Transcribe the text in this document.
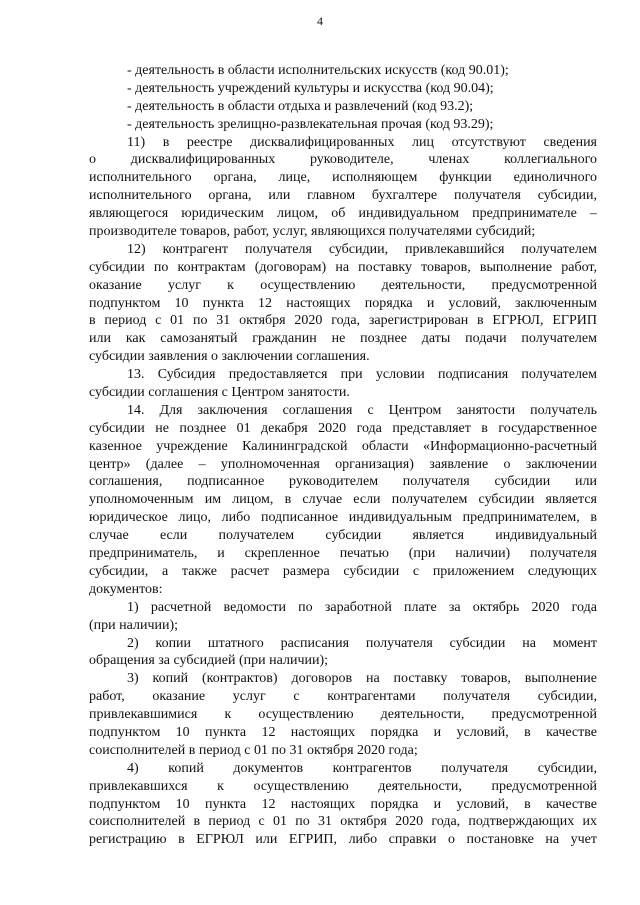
4
- деятельность в области исполнительских искусств (код 90.01);
- деятельность учреждений культуры и искусства (код 90.04);
- деятельность в области отдыха и развлечений (код 93.2);
- деятельность зрелищно-развлекательная прочая (код 93.29);
11) в реестре дисквалифицированных лиц отсутствуют сведения
о дисквалифицированных руководителе, членах коллегиального
исполнительного органа, лице, исполняющем функции единоличного
исполнительного органа, или главном бухгалтере получателя субсидии,
являющегося юридическим лицом, об индивидуальном предпринимателе –
производителе товаров, работ, услуг, являющихся получателями субсидий;
12) контрагент получателя субсидии, привлекавшийся получателем
субсидии по контрактам (договорам) на поставку товаров, выполнение работ,
оказание услуг к осуществлению деятельности, предусмотренной
подпунктом 10 пункта 12 настоящих порядка и условий, заключенным
в период с 01 по 31 октября 2020 года, зарегистрирован в ЕГРЮЛ, ЕГРИП
или как самозанятый гражданин не позднее даты подачи получателем
субсидии заявления о заключении соглашения.
13. Субсидия предоставляется при условии подписания получателем
субсидии соглашения с Центром занятости.
14. Для заключения соглашения с Центром занятости получатель
субсидии не позднее 01 декабря 2020 года представляет в государственное
казенное учреждение Калининградской области «Информационно-расчетный
центр» (далее – уполномоченная организация) заявление о заключении
соглашения, подписанное руководителем получателя субсидии или
уполномоченным им лицом, в случае если получателем субсидии является
юридическое лицо, либо подписанное индивидуальным предпринимателем, в
случае если получателем субсидии является индивидуальный
предприниматель, и скрепленное печатью (при наличии) получателя
субсидии, а также расчет размера субсидии с приложением следующих
документов:
1) расчетной ведомости по заработной плате за октябрь 2020 года
(при наличии);
2) копии штатного расписания получателя субсидии на момент
обращения за субсидией (при наличии);
3) копий (контрактов) договоров на поставку товаров, выполнение
работ, оказание услуг с контрагентами получателя субсидии,
привлекавшимися к осуществлению деятельности, предусмотренной
подпунктом 10 пункта 12 настоящих порядка и условий, в качестве
соисполнителей в период с 01 по 31 октября 2020 года;
4) копий документов контрагентов получателя субсидии,
привлекавшихся к осуществлению деятельности, предусмотренной
подпунктом 10 пункта 12 настоящих порядка и условий, в качестве
соисполнителей в период с 01 по 31 октября 2020 года, подтверждающих их
регистрацию в ЕГРЮЛ или ЕГРИП, либо справки о постановке на учет
